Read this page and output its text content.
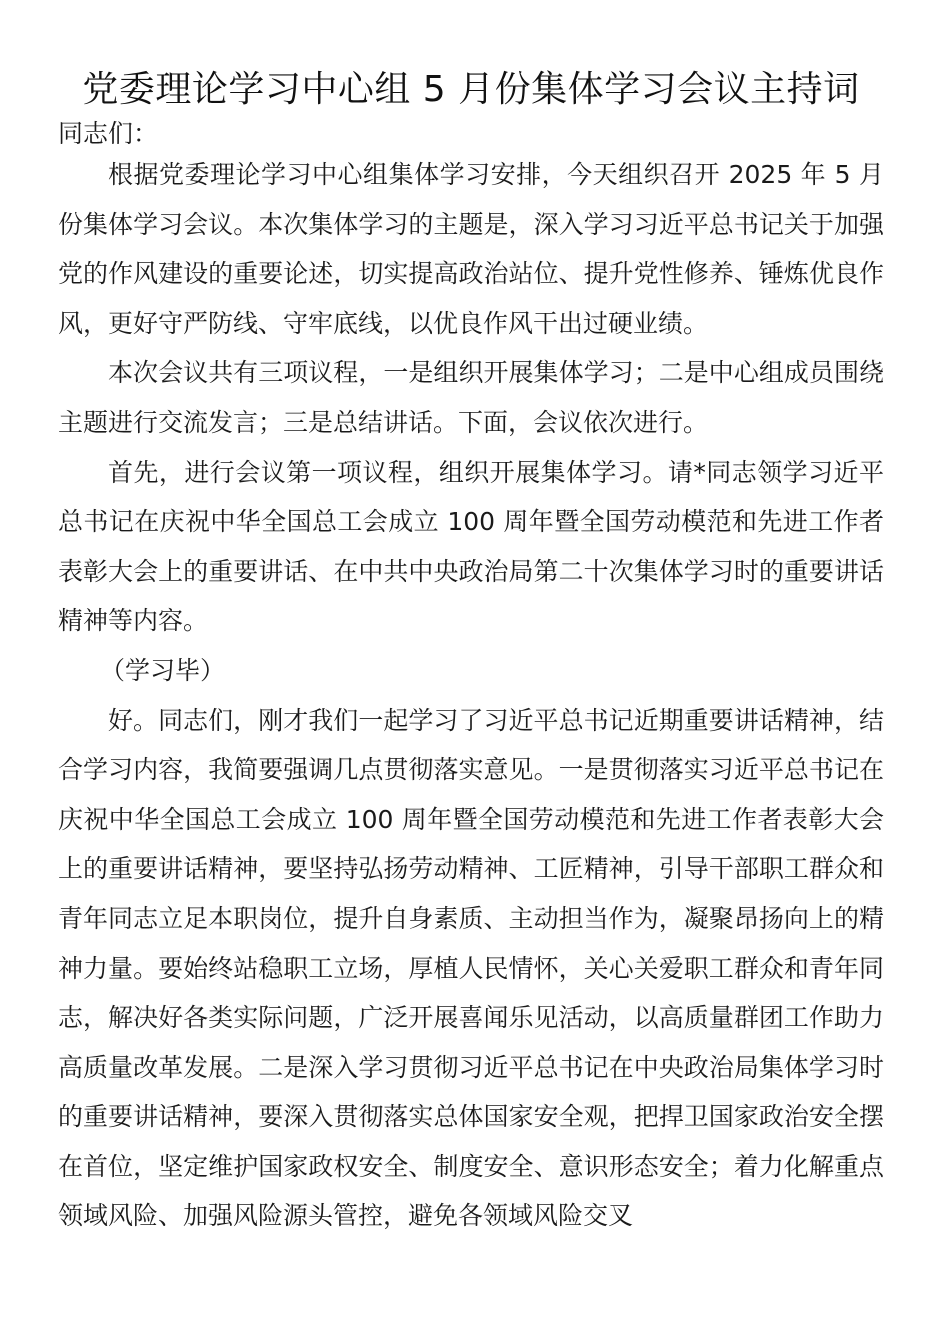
党委理论学习中心组 5 月份集体学习会议主持词

同志们：

根据党委理论学习中心组集体学习安排，今天组织召开 2025 年 5 月份集体学习会议。本次集体学习的主题是，深入学习习近平总书记关于加强党的作风建设的重要论述，切实提高政治站位、提升党性修养、锤炼优良作风，更好守严防线、守牢底线，以优良作风干出过硬业绩。

本次会议共有三项议程，一是组织开展集体学习；二是中心组成员围绕主题进行交流发言；三是总结讲话。下面，会议依次进行。

首先，进行会议第一项议程，组织开展集体学习。请*同志领学习近平总书记在庆祝中华全国总工会成立 100 周年暨全国劳动模范和先进工作者表彰大会上的重要讲话、在中共中央政治局第二十次集体学习时的重要讲话精神等内容。

（学习毕）

好。同志们，刚才我们一起学习了习近平总书记近期重要讲话精神，结合学习内容，我简要强调几点贯彻落实意见。一是贯彻落实习近平总书记在庆祝中华全国总工会成立 100 周年暨全国劳动模范和先进工作者表彰大会上的重要讲话精神，要坚持弘扬劳动精神、工匠精神，引导干部职工群众和青年同志立足本职岗位，提升自身素质、主动担当作为，凝聚昂扬向上的精神力量。要始终站稳职工立场，厚植人民情怀，关心关爱职工群众和青年同志，解决好各类实际问题，广泛开展喜闻乐见活动，以高质量群团工作助力高质量改革发展。二是深入学习贯彻习近平总书记在中央政治局集体学习时的重要讲话精神，要深入贯彻落实总体国家安全观，把捍卫国家政治安全摆在首位，坚定维护国家政权安全、制度安全、意识形态安全；着力化解重点领域风险、加强风险源头管控，避免各领域风险交叉
